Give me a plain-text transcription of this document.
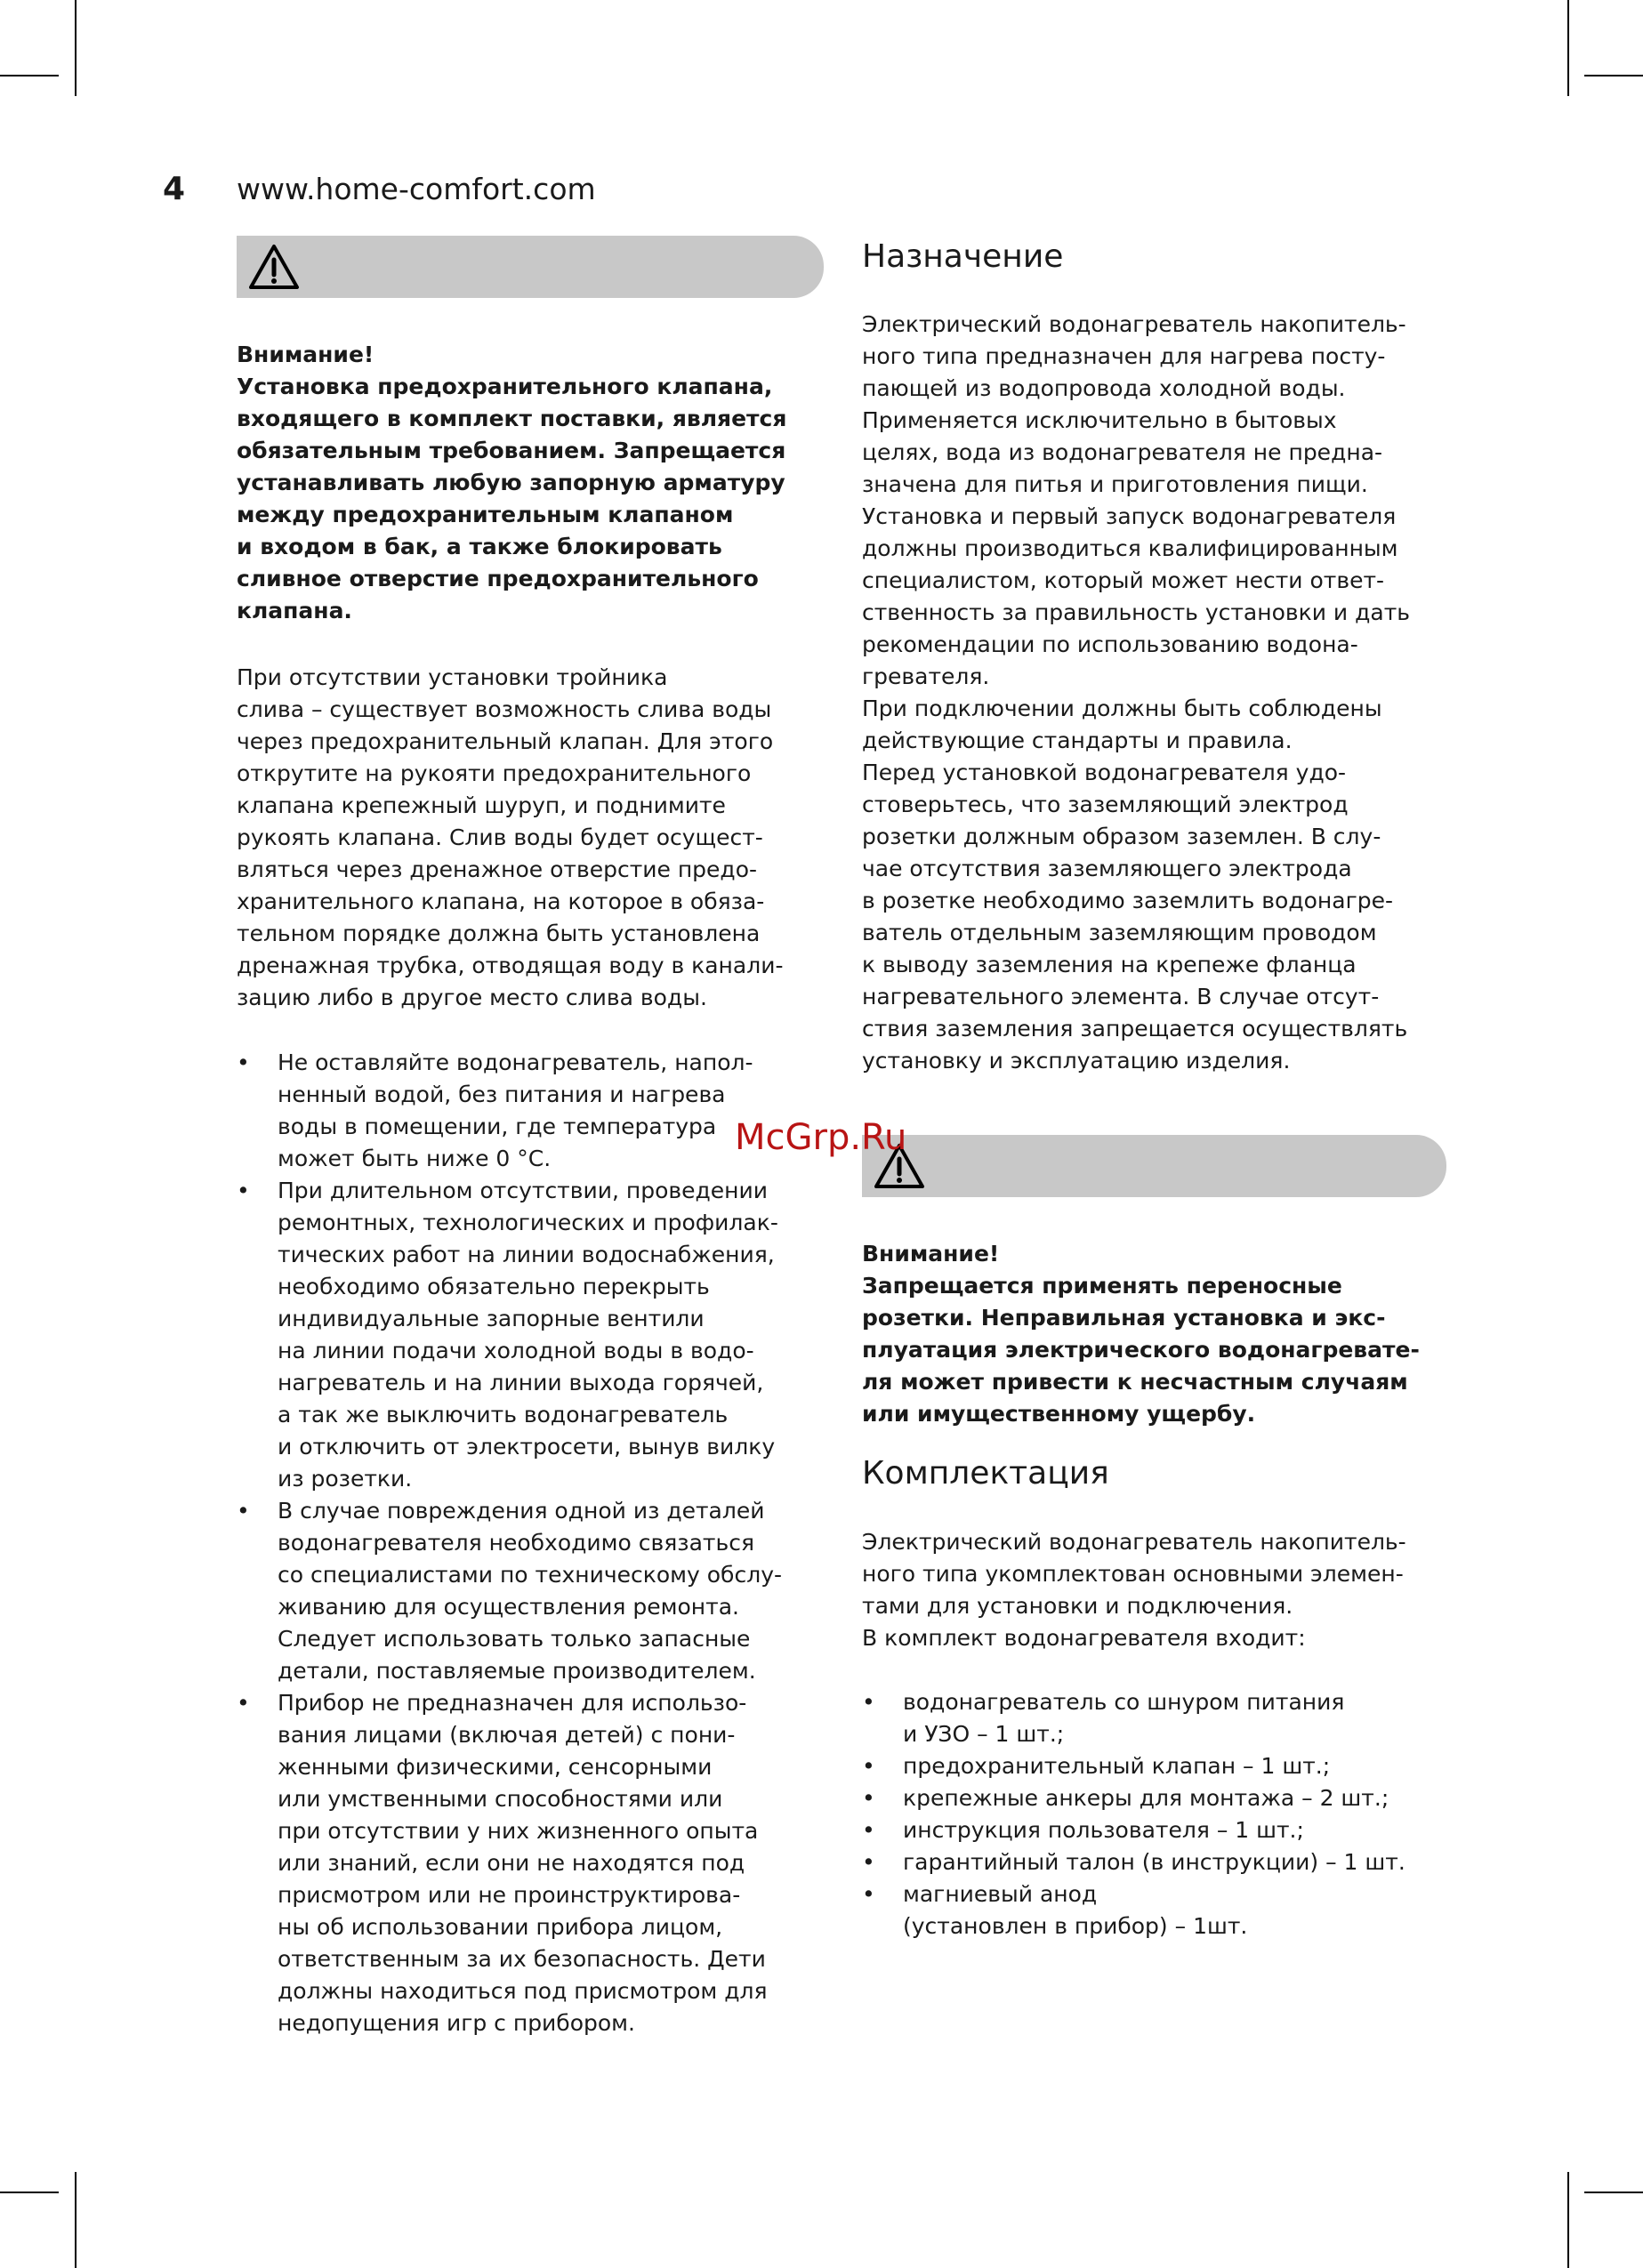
4 www.home-comfort.com

Внимание!

Установка предохранительного клапана,
входящего в комплект поставки, является
обязательным требованием. Запрещается
устанавливать любую запорную арматуру
между предохранительным клапаном
и входом в бак, а также блокировать
сливное отверстие предохранительного
клапана.

При отсутствии установки тройника
слива – существует возможность слива воды
через предохранительный клапан. Для этого
открутите на рукояти предохранительного
клапана крепежный шуруп, и поднимите
рукоять клапана. Слив воды будет осущест-
вляться через дренажное отверстие предо-
хранительного клапана, на которое в обяза-
тельном порядке должна быть установлена
дренажная трубка, отводящая воду в канали-
зацию либо в другое место слива воды.

• Не оставляйте водонагреватель, напол-
ненный водой, без питания и нагрева
воды в помещении, где температура
может быть ниже 0 °C.
• При длительном отсутствии, проведении
ремонтных, технологических и профилак-
тических работ на линии водоснабжения,
необходимо обязательно перекрыть
индивидуальные запорные вентили
на линии подачи холодной воды в водо-
нагреватель и на линии выхода горячей,
а так же выключить водонагреватель
и отключить от электросети, вынув вилку
из розетки.
• В случае повреждения одной из деталей
водонагревателя необходимо связаться
со специалистами по техническому обслу-
живанию для осуществления ремонта.
Следует использовать только запасные
детали, поставляемые производителем.
• Прибор не предназначен для использо-
вания лицами (включая детей) с пони-
женными физическими, сенсорными
или умственными способностями или
при отсутствии у них жизненного опыта
или знаний, если они не находятся под
присмотром или не проинструктирова-
ны об использовании прибора лицом,
ответственным за их безопасность. Дети
должны находиться под присмотром для
недопущения игр с прибором.
Назначение

Электрический водонагреватель накопитель-
ного типа предназначен для нагрева посту-
пающей из водопровода холодной воды.
Применяется исключительно в бытовых
целях, вода из водонагревателя не предна-
значена для питья и приготовления пищи.
Установка и первый запуск водонагревателя
должны производиться квалифицированным
специалистом, который может нести ответ-
ственность за правильность установки и дать
рекомендации по использованию водона-
гревателя.
При подключении должны быть соблюдены
действующие стандарты и правила.
Перед установкой водонагревателя удо-
стоверьтесь, что заземляющий электрод
розетки должным образом заземлен. В слу-
чае отсутствия заземляющего электрода
в розетке необходимо заземлить водонагре-
ватель отдельным заземляющим проводом
к выводу заземления на крепеже фланца
нагревательного элемента. В случае отсут-
ствия заземления запрещается осуществлять
установку и эксплуатацию изделия.

Внимание!

Запрещается применять переносные
розетки. Неправильная установка и экс-
плуатация электрического водонагревате-
ля может привести к несчастным случаям
или имущественному ущербу.

Комплектация

Электрический водонагреватель накопитель-
ного типа укомплектован основными элемен-
тами для установки и подключения.
В комплект водонагревателя входит:

• водонагреватель со шнуром питания
и УЗО – 1 шт.;
• предохранительный клапан – 1 шт.;
• крепежные анкеры для монтажа – 2 шт.;
• инструкция пользователя – 1 шт.;
• гарантийный талон (в инструкции) – 1 шт.
• магниевый анод
(установлен в прибор) – 1шт.
McGrp.Ru
